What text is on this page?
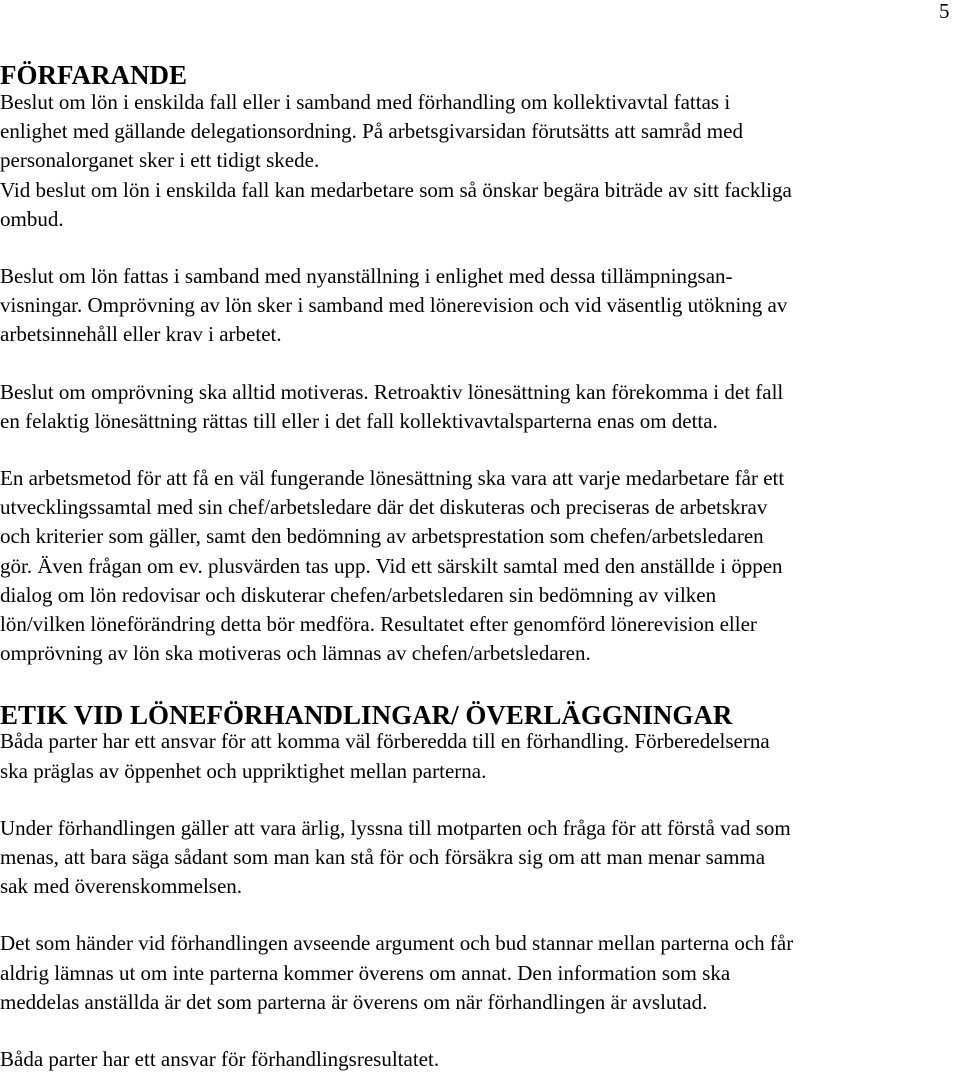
5
FÖRFARANDE
Beslut om lön i enskilda fall eller i samband med förhandling om kollektivavtal fattas i
enlighet med gällande delegationsordning. På arbetsgivarsidan förutsätts att samråd med
personalorganet sker i ett tidigt skede.
Vid beslut om lön i enskilda fall kan medarbetare som så önskar begära biträde av sitt fackliga
ombud.
Beslut om lön fattas i samband med nyanställning i enlighet med dessa tillämpningsan-
visningar. Omprövning av lön sker i samband med lönerevision och vid väsentlig utökning av
arbetsinnehåll eller krav i arbetet.
Beslut om omprövning ska alltid motiveras. Retroaktiv lönesättning kan förekomma i det fall
en felaktig lönesättning rättas till eller i det fall kollektivavtalsparterna enas om detta.
En arbetsmetod för att få en väl fungerande lönesättning ska vara att varje medarbetare får ett
utvecklingssamtal med sin chef/arbetsledare där det diskuteras och preciseras de arbetskrav
och kriterier som gäller, samt den bedömning av arbetsprestation som chefen/arbetsledaren
gör. Även frågan om ev. plusvärden tas upp. Vid ett särskilt samtal med den anställde i öppen
dialog om lön redovisar och diskuterar chefen/arbetsledaren sin bedömning av vilken
lön/vilken löneförändring detta bör medföra. Resultatet efter genomförd lönerevision eller
omprövning av lön ska motiveras och lämnas av chefen/arbetsledaren.
ETIK VID LÖNEFÖRHANDLINGAR/ ÖVERLÄGGNINGAR
Båda parter har ett ansvar för att komma väl förberedda till en förhandling. Förberedelserna
ska präglas av öppenhet och uppriktighet mellan parterna.
Under förhandlingen gäller att vara ärlig, lyssna till motparten och fråga för att förstå vad som
menas, att bara säga sådant som man kan stå för och försäkra sig om att man menar samma
sak med överenskommelsen.
Det som händer vid förhandlingen avseende argument och bud stannar mellan parterna och får
aldrig lämnas ut om inte parterna kommer överens om annat. Den information som ska
meddelas anställda är det som parterna är överens om när förhandlingen är avslutad.
Båda parter har ett ansvar för förhandlingsresultatet.
